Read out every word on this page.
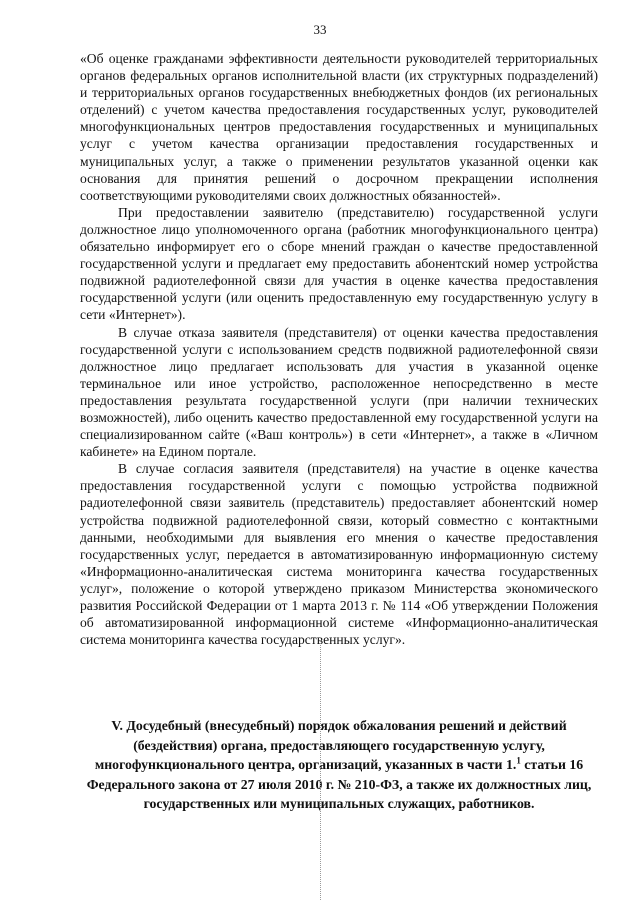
33

«Об оценке гражданами эффективности деятельности руководителей территориальных органов федеральных органов исполнительной власти (их структурных подразделений) и территориальных органов государственных внебюджетных фондов (их региональных отделений) с учетом качества предоставления государственных услуг, руководителей многофункциональных центров предоставления государственных и муниципальных услуг с учетом качества организации предоставления государственных и муниципальных услуг, а также о применении результатов указанной оценки как основания для принятия решений о досрочном прекращении исполнения соответствующими руководителями своих должностных обязанностей».

При предоставлении заявителю (представителю) государственной услуги должностное лицо уполномоченного органа (работник многофункционального центра) обязательно информирует его о сборе мнений граждан о качестве предоставленной государственной услуги и предлагает ему предоставить абонентский номер устройства подвижной радиотелефонной связи для участия в оценке качества предоставления государственной услуги (или оценить предоставленную ему государственную услугу в сети «Интернет»).

В случае отказа заявителя (представителя) от оценки качества предоставления государственной услуги с использованием средств подвижной радиотелефонной связи должностное лицо предлагает использовать для участия в указанной оценке терминальное или иное устройство, расположенное непосредственно в месте предоставления результата государственной услуги (при наличии технических возможностей), либо оценить качество предоставленной ему государственной услуги на специализированном сайте («Ваш контроль») в сети «Интернет», а также в «Личном кабинете» на Едином портале.

В случае согласия заявителя (представителя) на участие в оценке качества предоставления государственной услуги с помощью устройства подвижной радиотелефонной связи заявитель (представитель) предоставляет абонентский номер устройства подвижной радиотелефонной связи, который совместно с контактными данными, необходимыми для выявления его мнения о качестве предоставления государственных услуг, передается в автоматизированную информационную систему «Информационно-аналитическая система мониторинга качества государственных услуг», положение о которой утверждено приказом Министерства экономического развития Российской Федерации от 1 марта 2013 г. № 114 «Об утверждении Положения об автоматизированной информационной системе «Информационно-аналитическая система мониторинга качества государственных услуг».

V. Досудебный (внесудебный) порядок обжалования решений и действий (бездействия) органа, предоставляющего государственную услугу, многофункционального центра, организаций, указанных в части 1.$^1$ статьи 16 Федерального закона от 27 июля 2010 г. № 210-ФЗ, а также их должностных лиц, государственных или муниципальных служащих, работников.
